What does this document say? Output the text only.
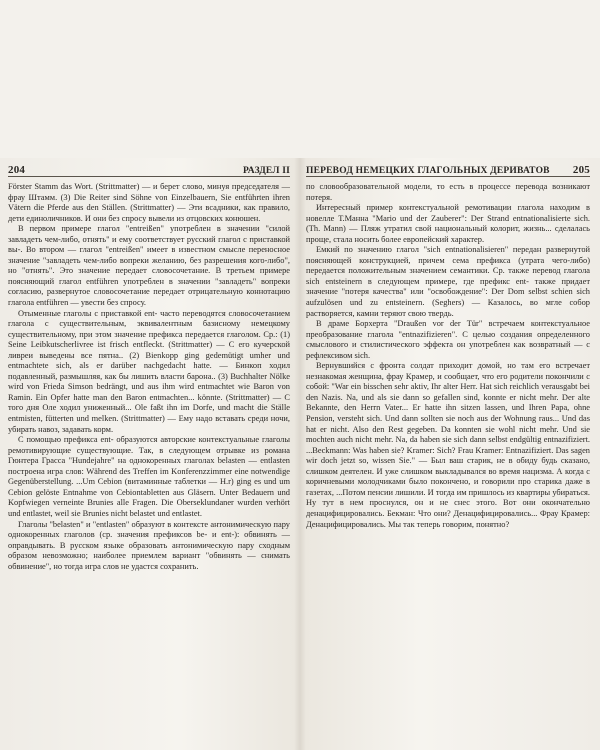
204	РАЗДЕЛ II

Förster Stamm das Wort. (Strittmatter) — и берет слово, минуя председателя — фрау Штамм. (3) Die Reiter sind Söhne von Einzelbauern, Sie entführten ihren Vätern die Pferde aus den Ställen. (Strittmatter) — Эти всадники, как правило, дети единоличников. И они без спросу вывели из отцовских конюшен.

В первом примере глагол "entreißen" употреблен в значении "силой завладеть чем-либо, отнять" и ему соответствует русский глагол с приставкой вы-. Во втором — глагол "entreißen" имеет в известном смысле переносное значение "завладеть чем-либо вопреки желанию, без разрешения кого-либо", но "отнять". Это значение передает словосочетание. В третьем примере поясняющий глагол entführen употреблен в значении "завладеть" вопреки согласию, развернутое словосочетание передает отрицательную коннотацию глагола entführen — увести без спросу.

Отыменные глаголы с приставкой ent- часто переводятся словосочетанием глагола с существительным, эквивалентным базисному немецкому существительному, при этом значение префикса передается глаголом. Ср.: (1) Seine Leibkutscherlivree ist frisch entfleckt. (Strittmatter) — С его кучерской ливреи выведены все пятна.. (2) Bienkopp ging gedemütigt umher und entmachtete sich, als er darüber nachgedacht hatte. — Бинкоп ходил подавленный, размышляя, как бы лишить власти барона.. (3) Buchhalter Nölke wird von Frieda Simson bedrängt, und aus ihm wird entmachtet wie Baron von Ramin. Ein Opfer hatte man den Baron entmachten... könnte. (Strittmatter) — С того дня Оле ходил униженный... Ole faßt ihn im Dorfe, und macht die Ställe entmisten, fütterten und melken. (Strittmatter) — Ему надо вставать среди ночи, убирать навоз, задавать корм.

С помощью префикса ent- образуются авторские контекстуальные глаголы ремотивирующие существующие. Так, в следующем отрывке из романа Гюнтера Грасса "Hundejahre" на однокоренных глаголах belasten — entlasten построена игра слов: Während des Treffen im Konferenzzimmer eine notwendige Gegenüberstellung. ...Um Cebion (витаминные таблетки — H.r) ging es und um Cebion gelöste Entnahme von Cebiontabletten aus Gläsern. Unter Bedauern und Kopfwiegen verneinte Brunies alle Fragen. Die Oberseklundaner wurden verhört und entlastet, weil sie Brunies nicht belastet und entlastet.

Глаголы "belasten" и "entlasten" образуют в контексте антонимическую пару однокоренных глаголов (ср. значения префиксов be- и ent-): обвинять — оправдывать. В русском языке образовать антонимическую пару сходным образом невозможно; наиболее приемлем вариант "обвинять — снимать обвинение", но тогда игра слов не удастся сохранить.

ПЕРЕВОД НЕМЕЦКИХ ГЛАГОЛЬНЫХ ДЕРИВАТОВ 205

по словообразовательной модели, то есть в процессе перевода возникают потеря.

Интересный пример контекстуальной ремотивации глагола находим в новелле Т.Манна "Mario und der Zauberer": Der Strand entnationalisierte sich. (Th. Mann) — Пляж утратил свой национальный колорит, жизнь... сделалась проще, стала носить более европейский характер.

Емкий по значению глагол "sich entnationalisieren" передан развернутой поясняющей конструкцией, причем сема префикса (утрата чего-либо) передается положительным значением семантики. Ср. также перевод глагола sich entsteinern в следующем примере, где префикс ent- также придает значение "потеря качества" или "освобождение": Der Dom selbst schien sich aufzulösen und zu entsteinern. (Seghers) — Казалось, во мгле собор растворяется, камни теряют свою твердь.

В драме Борхерта "Draußen vor der Tür" встречаем контекстуальное преобразование глагола "entnazifizieren". С целью создания определенного смыслового и стилистического эффекта он употреблен как возвратный — с рефлексивом sich.

Вернувшийся с фронта солдат приходит домой, но там его встречает незнакомая женщина, фрау Крамер, и сообщает, что его родители покончили с собой: "War ein bisschen sehr aktiv, Ihr alter Herr. Hat sich reichlich verausgabt bei den Nazis. Na, und als sie dann so gefallen sind, konnte er nicht mehr. Der alte Bekannte, den Herrn Vater... Er hatte ihn sitzen lassen, und Ihren Papa, ohne Pension, versteht sich. Und dann sollten sie noch aus der Wohnung raus... Und das hat er nicht. Also den Rest gegeben. Da konnten sie wohl nicht mehr. Und sie mochten auch nicht mehr. Na, da haben sie sich dann selbst endgültig entnazifiziert. ...Beckmann: Was haben sie? Kramer: Sich? Frau Kramer: Entnazifiziert. Das sagen wir doch jetzt so, wissen Sie." — Был ваш старик, не в обиду будь сказано, слишком деятелен. И уже слишком выкладывался во время нацизма. А когда с коричневыми молодчиками было покончено, и говорили про старика даже в газетах, ...Потом пенсии лишили. И тогда им пришлось из квартиры убираться. Ну тут в нем проснулся, он и не снес этого. Вот они окончательно денацифицировались. Бекман: Что они? Денацифицировались... Фрау Крамер: Денацифицировались. Мы так теперь говорим, понятно?
